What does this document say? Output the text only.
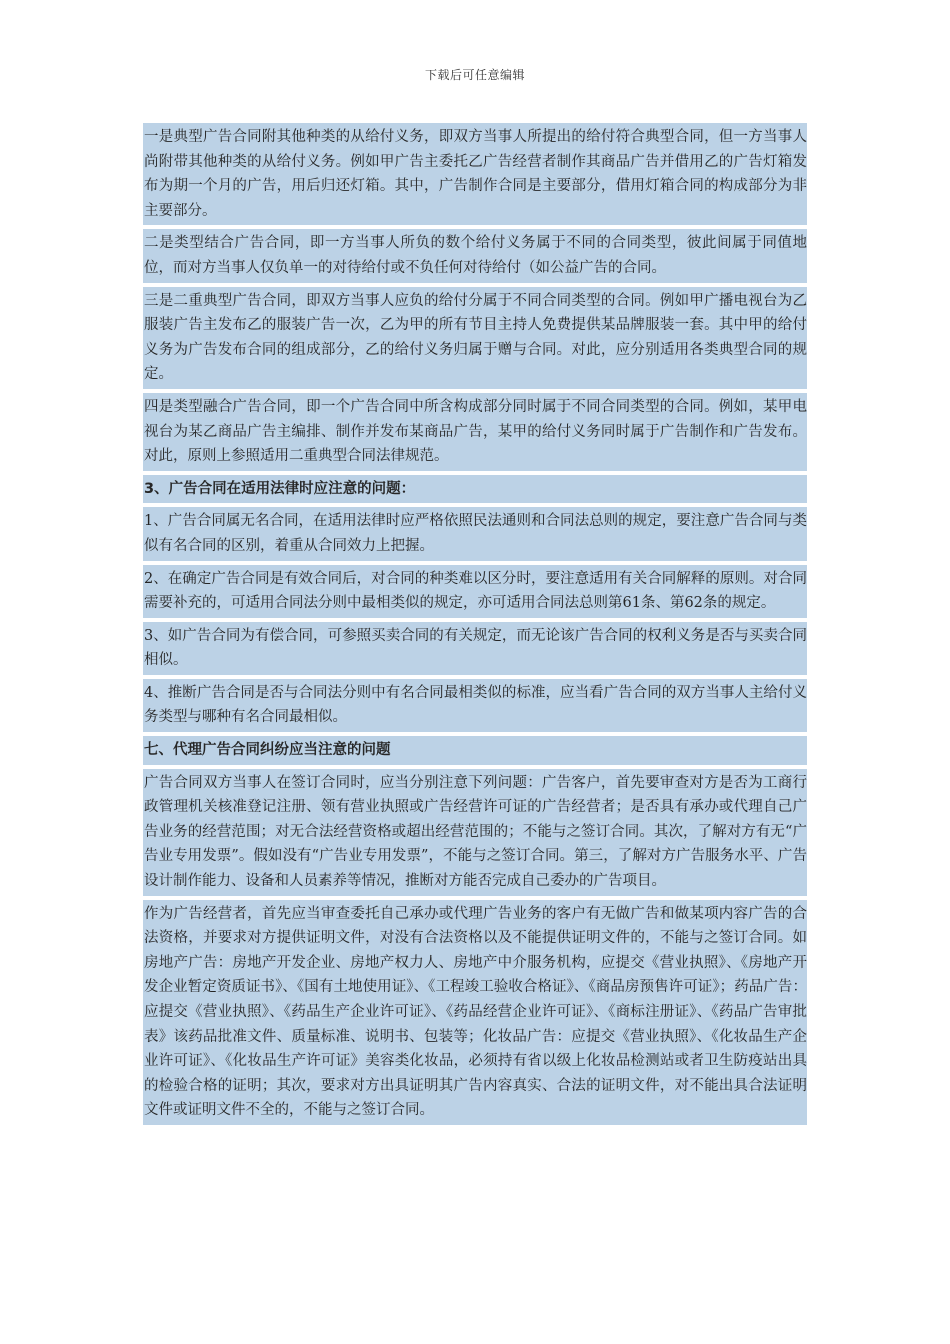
下载后可任意编辑
一是典型广告合同附其他种类的从给付义务，即双方当事人所提出的给付符合典型合同，但一方当事人尚附带其他种类的从给付义务。例如甲广告主委托乙广告经营者制作其商品广告并借用乙的广告灯箱发布为期一个月的广告，用后归还灯箱。其中，广告制作合同是主要部分，借用灯箱合同的构成部分为非主要部分。
二是类型结合广告合同，即一方当事人所负的数个给付义务属于不同的合同类型，彼此间属于同值地位，而对方当事人仅负单一的对待给付或不负任何对待给付（如公益广告的合同。
三是二重典型广告合同，即双方当事人应负的给付分属于不同合同类型的合同。例如甲广播电视台为乙服装广告主发布乙的服装广告一次，乙为甲的所有节目主持人免费提供某品牌服装一套。其中甲的给付义务为广告发布合同的组成部分，乙的给付义务归属于赠与合同。对此，应分别适用各类典型合同的规定。
四是类型融合广告合同，即一个广告合同中所含构成部分同时属于不同合同类型的合同。例如，某甲电视台为某乙商品广告主编排、制作并发布某商品广告，某甲的给付义务同时属于广告制作和广告发布。对此，原则上参照适用二重典型合同法律规范。
3、广告合同在适用法律时应注意的问题：
1、广告合同属无名合同，在适用法律时应严格依照民法通则和合同法总则的规定，要注意广告合同与类似有名合同的区别，着重从合同效力上把握。
2、在确定广告合同是有效合同后，对合同的种类难以区分时，要注意适用有关合同解释的原则。对合同需要补充的，可适用合同法分则中最相类似的规定，亦可适用合同法总则第61条、第62条的规定。
3、如广告合同为有偿合同，可参照买卖合同的有关规定，而无论该广告合同的权利义务是否与买卖合同相似。
4、推断广告合同是否与合同法分则中有名合同最相类似的标准，应当看广告合同的双方当事人主给付义务类型与哪种有名合同最相似。
七、代理广告合同纠纷应当注意的问题
广告合同双方当事人在签订合同时，应当分别注意下列问题：广告客户，首先要审查对方是否为工商行政管理机关核准登记注册、领有营业执照或广告经营许可证的广告经营者；是否具有承办或代理自己广告业务的经营范围；对无合法经营资格或超出经营范围的；不能与之签订合同。其次，了解对方有无“广告业专用发票”。假如没有“广告业专用发票”，不能与之签订合同。第三，了解对方广告服务水平、广告设计制作能力、设备和人员素养等情况，推断对方能否完成自己委办的广告项目。
作为广告经营者，首先应当审查委托自己承办或代理广告业务的客户有无做广告和做某项内容广告的合法资格，并要求对方提供证明文件，对没有合法资格以及不能提供证明文件的，不能与之签订合同。如房地产广告：房地产开发企业、房地产权力人、房地产中介服务机构，应提交《营业执照》、《房地产开发企业暂定资质证书》、《国有土地使用证》、《工程竣工验收合格证》、《商品房预售许可证》；药品广告：应提交《营业执照》、《药品生产企业许可证》、《药品经营企业许可证》、《商标注册证》、《药品广告审批表》该药品批准文件、质量标准、说明书、包装等；化妆品广告：应提交《营业执照》、《化妆品生产企业许可证》、《化妆品生产许可证》美容类化妆品，必须持有省以级上化妆品检测站或者卫生防疫站出具的检验合格的证明；其次，要求对方出具证明其广告内容真实、合法的证明文件，对不能出具合法证明文件或证明文件不全的，不能与之签订合同。
